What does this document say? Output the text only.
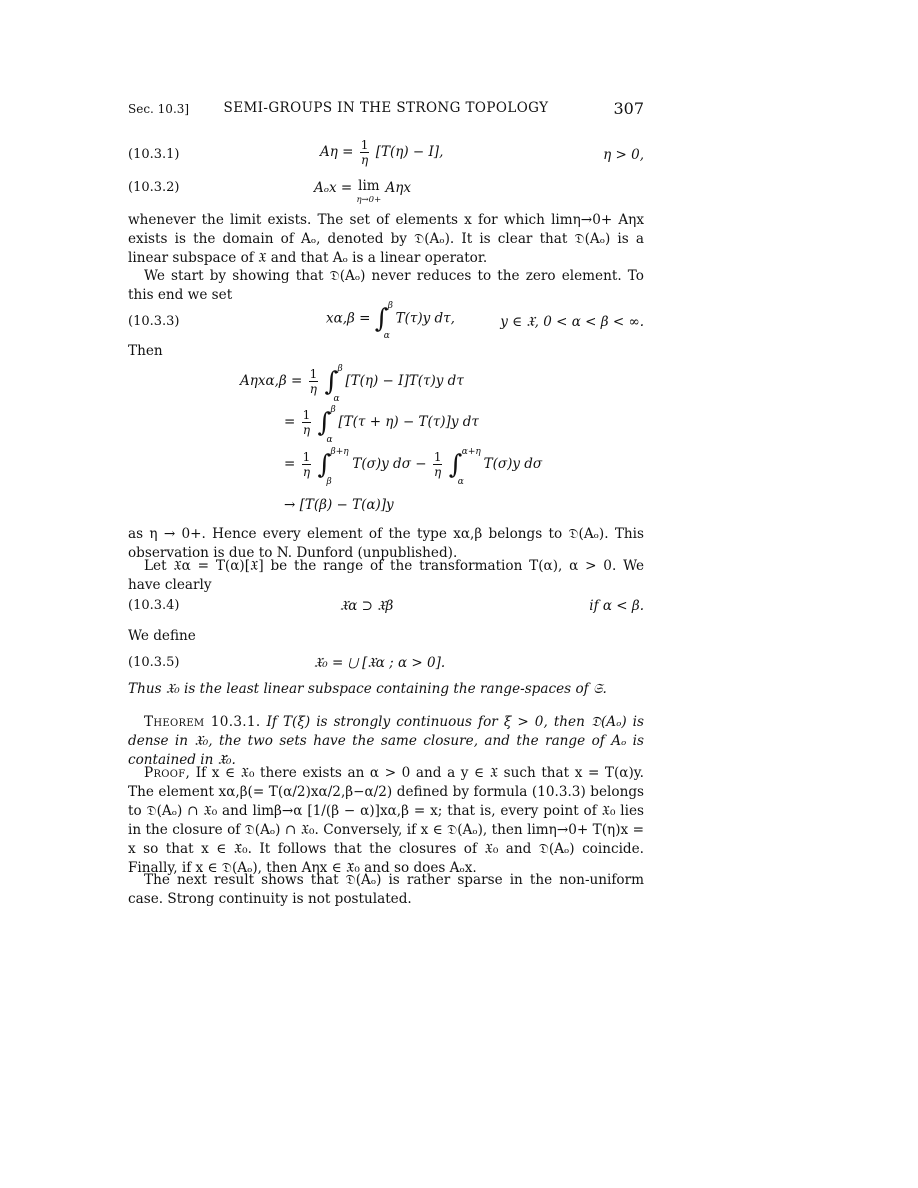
Sec. 10.3]	SEMI-GROUPS IN THE STRONG TOPOLOGY	307
(10.3.1)	$A\eta = \frac{1}{\eta} [T(\eta) - I]$,	η > 0,
(10.3.2)	Aₒx = lim
η→0+
Aηx
whenever the limit exists. The set of elements x for which limη→0+ Aηx exists is the domain of Aₒ, denoted by 𝔇(Aₒ). It is clear that 𝔇(Aₒ) is a linear subspace of 𝔛 and that Aₒ is a linear operator.
We start by showing that 𝔇(Aₒ) never reduces to the zero element. To this end we set
(10.3.3)	xα,β = ∫ β
α
T(τ)y dτ,	y ∈ 𝔛, 0 < α < β < ∞.
Then
$A\eta x\alpha,\beta = \frac{1}{\eta}$ ∫ β
α
[T(η) − I]T(τ)y dτ
= $\frac{1}{\eta}$ ∫ β
α
[T(τ + η) − T(τ)]y dτ
= $\frac{1}{\eta}$ ∫ β+η
β
T(σ)y $d\sigma - \frac{1}{\eta}$ ∫ α+η
α
T(σ)y dσ
→ [T(β) − T(α)]y
as η → 0+. Hence every element of the type xα,β belongs to 𝔇(Aₒ). This observation is due to N. Dunford (unpublished).
Let 𝔛α = T(α)[𝔛] be the range of the transformation T(α), α > 0. We have clearly
(10.3.4)	𝔛α ⊃ 𝔛β	if α < β.
We define
(10.3.5)	𝔛₀ = ⋃ [𝔛α ; α > 0].
Thus 𝔛₀ is the least linear subspace containing the range-spaces of 𝔖.
Theorem 10.3.1. If T(ξ) is strongly continuous for ξ > 0, then 𝔇(Aₒ) is dense in 𝔛₀, the two sets have the same closure, and the range of Aₒ is contained in 𝔛̄₀.
Proof, If x ∈ 𝔛₀ there exists an α > 0 and a y ∈ 𝔛 such that x = T(α)y. The element xα,β(= T(α/2)xα/2,β−α/2) defined by formula (10.3.3) belongs to 𝔇(Aₒ) ∩ 𝔛₀ and limβ→α [1/(β − α)]xα,β = x; that is, every point of 𝔛₀ lies in the closure of 𝔇(Aₒ) ∩ 𝔛₀. Conversely, if x ∈ 𝔇(Aₒ), then limη→0+ T(η)x = x so that x ∈ 𝔛̄₀. It follows that the closures of 𝔛₀ and 𝔇(Aₒ) coincide. Finally, if x ∈ 𝔇(Aₒ), then Aηx ∈ 𝔛̄₀ and so does Aₒx.
The next result shows that 𝔇(Aₒ) is rather sparse in the non-uniform case. Strong continuity is not postulated.
